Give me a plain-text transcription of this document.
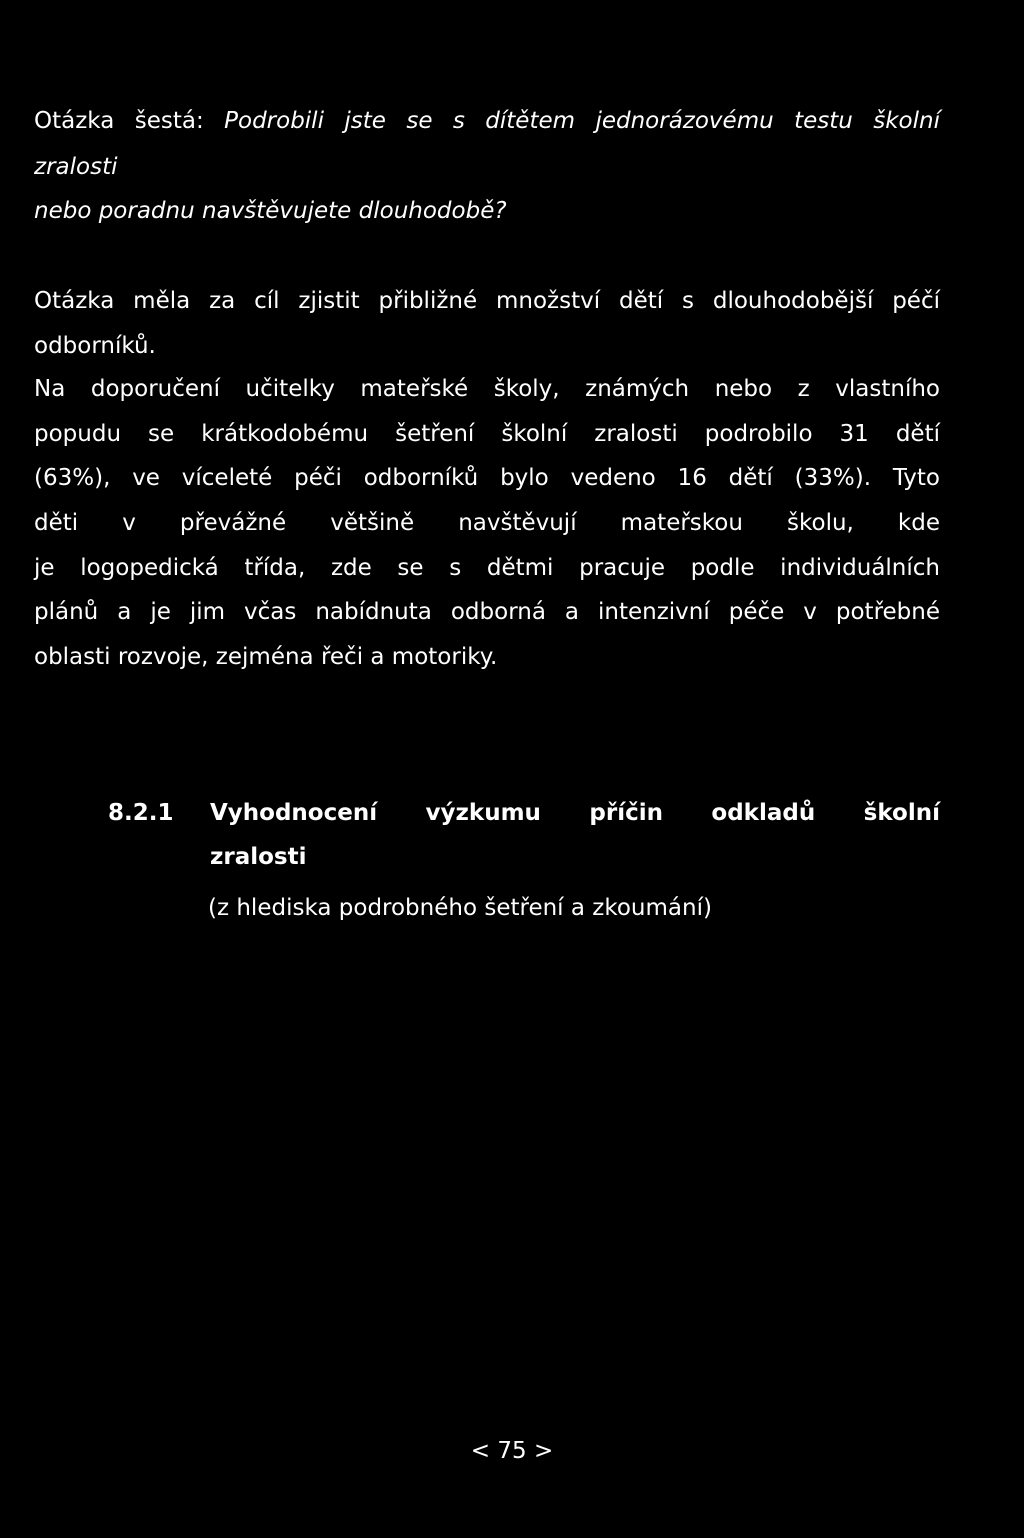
Otázka šestá: Podrobili jste se s dítětem jednorázovému testu školní
zralosti
nebo poradnu navštěvujete dlouhodobě?
Otázka měla za cíl zjistit přibližné množství dětí s dlouhodobější péčí
odborníků.
Na doporučení učitelky mateřské školy, známých nebo z vlastního
popudu se krátkodobému šetření školní zralosti podrobilo 31 dětí
(63%), ve víceleté péči odborníků bylo vedeno 16 dětí (33%). Tyto
děti v převážné většině navštěvují mateřskou školu, kde
je logopedická třída, zde se s dětmi pracuje podle individuálních
plánů a je jim včas nabídnuta odborná a intenzivní péče v potřebné
oblasti rozvoje, zejména řeči a motoriky.
8.2.1 Vyhodnocení výzkumu příčin odkladů školní
zralosti
(z hlediska podrobného šetření a zkoumání)
< 75 >
